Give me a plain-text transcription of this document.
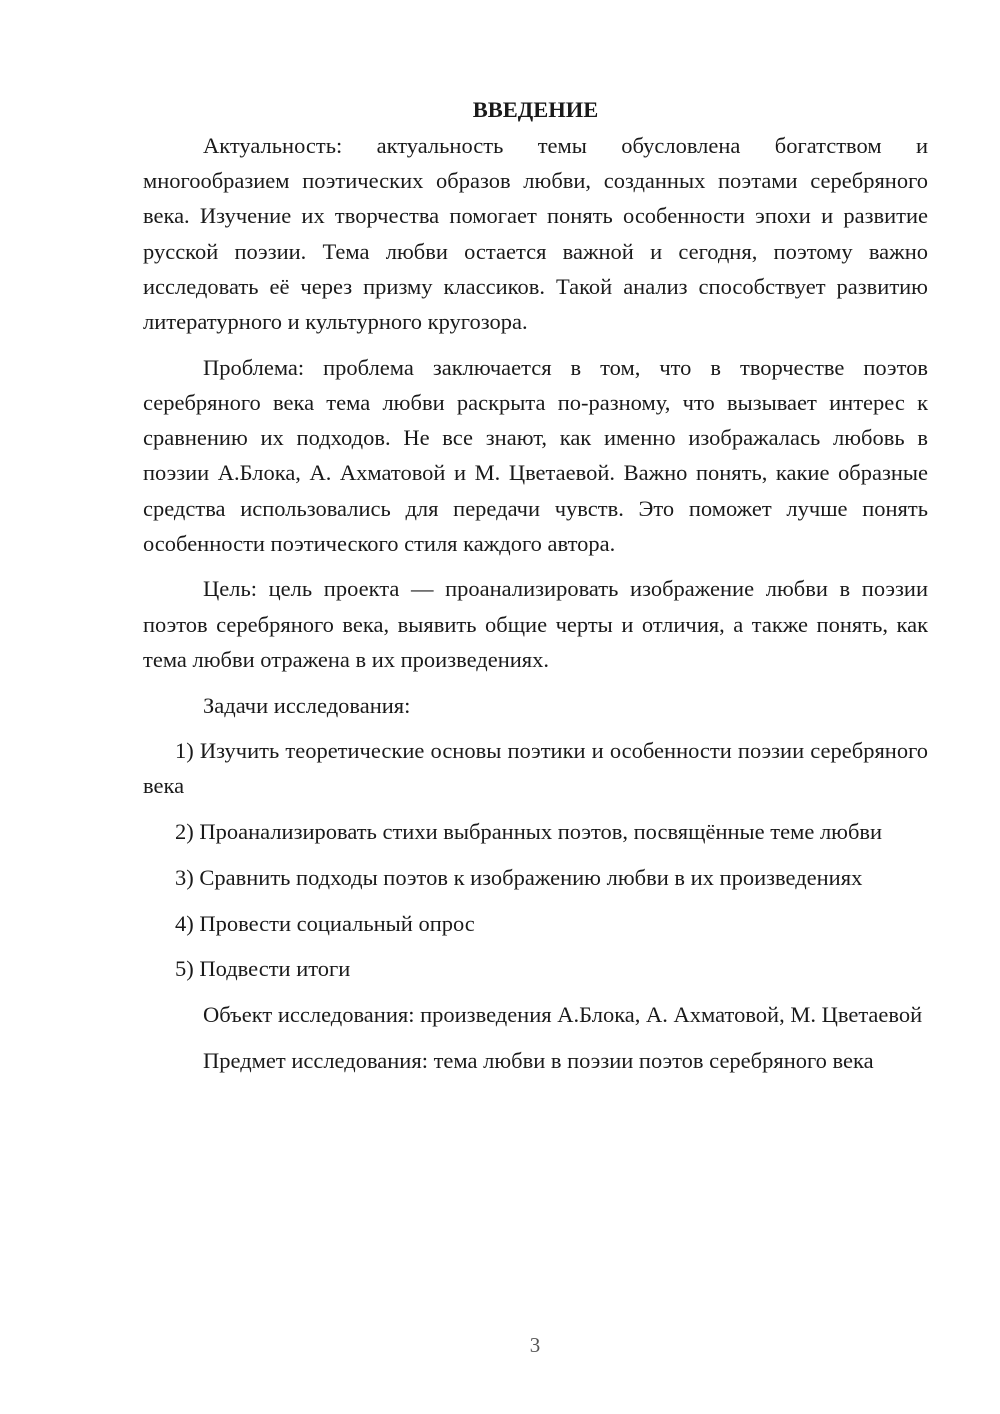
ВВЕДЕНИЕ

Актуальность: актуальность темы обусловлена богатством и многообразием поэтических образов любви, созданных поэтами серебряного века. Изучение их творчества помогает понять особенности эпохи и развитие русской поэзии. Тема любви остается важной и сегодня, поэтому важно исследовать её через призму классиков. Такой анализ способствует развитию литературного и культурного кругозора.

Проблема: проблема заключается в том, что в творчестве поэтов серебряного века тема любви раскрыта по-разному, что вызывает интерес к сравнению их подходов. Не все знают, как именно изображалась любовь в поэзии А.Блока, А. Ахматовой и М. Цветаевой. Важно понять, какие образные средства использовались для передачи чувств. Это поможет лучше понять особенности поэтического стиля каждого автора.

Цель: цель проекта — проанализировать изображение любви в поэзии поэтов серебряного века, выявить общие черты и отличия, а также понять, как тема любви отражена в их произведениях.

Задачи исследования:

1) Изучить теоретические основы поэтики и особенности поэзии серебряного века

2) Проанализировать стихи выбранных поэтов, посвящённые теме любви

3) Сравнить подходы поэтов к изображению любви в их произведениях

4) Провести социальный опрос

5) Подвести итоги

Объект исследования: произведения А.Блока, А. Ахматовой, М. Цветаевой

Предмет исследования: тема любви в поэзии поэтов серебряного века

3
